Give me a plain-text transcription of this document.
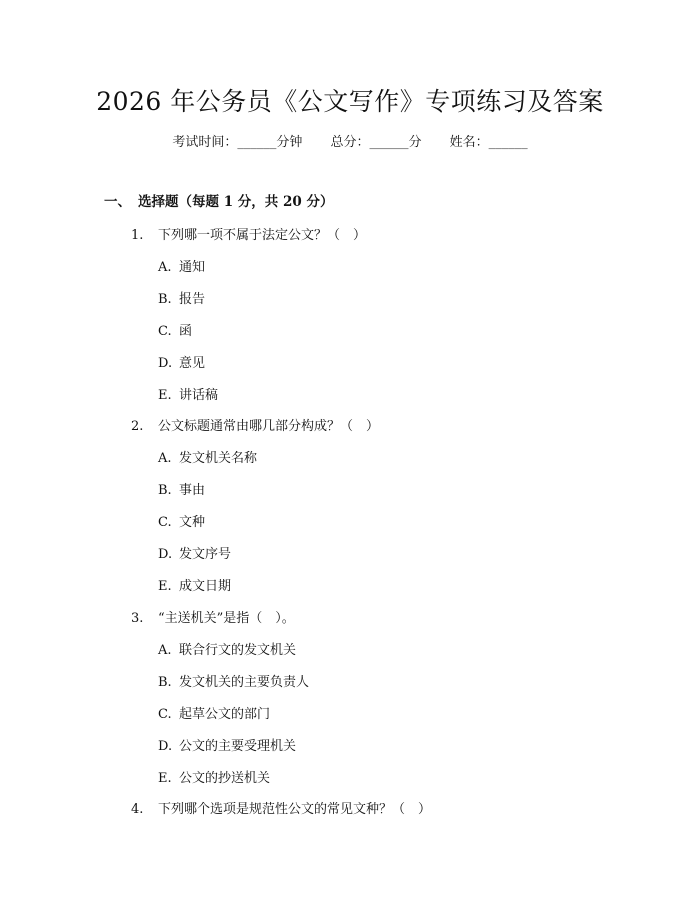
2026 年公务员《公文写作》专项练习及答案
考试时间：______分钟 总分：______分 姓名：______
一、 选择题（每题 1 分，共 20 分）
1. 下列哪一项不属于法定公文？（　）
A. 通知
B. 报告
C. 函
D. 意见
E. 讲话稿
2. 公文标题通常由哪几部分构成？（　）
A. 发文机关名称
B. 事由
C. 文种
D. 发文序号
E. 成文日期
3. “主送机关”是指（　）。
A. 联合行文的发文机关
B. 发文机关的主要负责人
C. 起草公文的部门
D. 公文的主要受理机关
E. 公文的抄送机关
4. 下列哪个选项是规范性公文的常见文种？（　）
